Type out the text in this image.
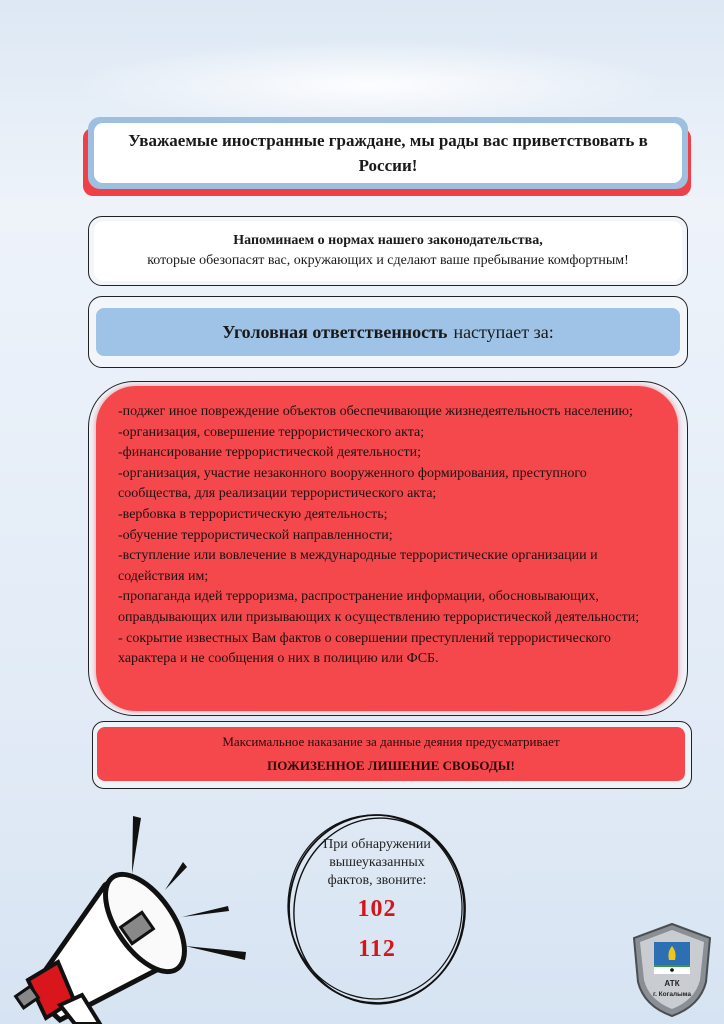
Уважаемые иностранные граждане, мы рады вас приветствовать в России!
Напоминаем о нормах нашего законодательства,
которые обезопасят вас, окружающих и сделают ваше пребывание комфортным!
Уголовная ответственность наступает за:
-поджег иное повреждение объектов обеспечивающие жизнедеятельность населению;
-организация, совершение террористического акта;
-финансирование террористической деятельности;
-организация, участие незаконного вооруженного формирования, преступного сообщества, для реализации террористического акта;
-вербовка в террористическую деятельность;
-обучение террористической направленности;
-вступление или вовлечение в международные террористические организации и содействия им;
-пропаганда идей терроризма, распространение информации, обосновывающих, оправдывающих или призывающих к осуществлению террористической деятельности;
- сокрытие известных Вам фактов о совершении преступлений террористического характера и не сообщения о них в полицию или ФСБ.
Максимальное наказание за данные деяния предусматривает
ПОЖИЗЕННОЕ ЛИШЕНИЕ СВОБОДЫ!
При обнаружении
вышеуказанных
фактов, звоните:
102
112
АТК
г. Когалыма
